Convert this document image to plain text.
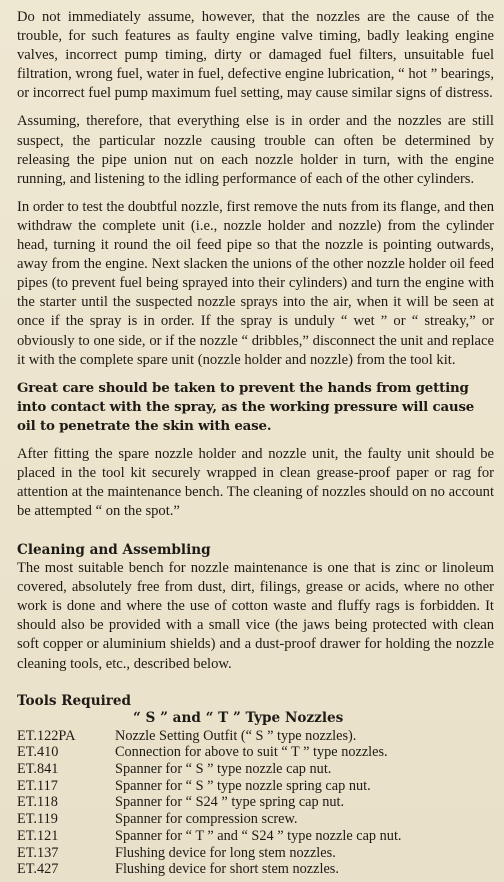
Do not immediately assume, however, that the nozzles are the cause of the trouble, for such features as faulty engine valve timing, badly leaking engine valves, incorrect pump timing, dirty or damaged fuel filters, unsuitable fuel filtration, wrong fuel, water in fuel, defective engine lubrication, “ hot ” bearings, or incorrect fuel pump maximum fuel setting, may cause similar signs of distress.

Assuming, therefore, that everything else is in order and the nozzles are still suspect, the particular nozzle causing trouble can often be determined by releasing the pipe union nut on each nozzle holder in turn, with the engine running, and listening to the idling performance of each of the other cylinders.

In order to test the doubtful nozzle, first remove the nuts from its flange, and then withdraw the complete unit (i.e., nozzle holder and nozzle) from the cylinder head, turning it round the oil feed pipe so that the nozzle is pointing outwards, away from the engine. Next slacken the unions of the other nozzle holder oil feed pipes (to prevent fuel being sprayed into their cylinders) and turn the engine with the starter until the suspected nozzle sprays into the air, when it will be seen at once if the spray is in order. If the spray is unduly “ wet ” or “ streaky,” or obviously to one side, or if the nozzle “ dribbles,” disconnect the unit and replace it with the complete spare unit (nozzle holder and nozzle) from the tool kit.

Great care should be taken to prevent the hands from getting into contact with the spray, as the working pressure will cause oil to penetrate the skin with ease.

After fitting the spare nozzle holder and nozzle unit, the faulty unit should be placed in the tool kit securely wrapped in clean grease-proof paper or rag for attention at the maintenance bench. The cleaning of nozzles should on no account be attempted “ on the spot.”

Cleaning and Assembling

The most suitable bench for nozzle maintenance is one that is zinc or linoleum covered, absolutely free from dust, dirt, filings, grease or acids, where no other work is done and where the use of cotton waste and fluffy rags is forbidden. It should also be provided with a small vice (the jaws being protected with clean soft copper or aluminium shields) and a dust-proof drawer for holding the nozzle cleaning tools, etc., described below.

Tools Required
“ S ” and “ T ” Type Nozzles
ET.122PA	Nozzle Setting Outfit (“ S ” type nozzles).
ET.410	Connection for above to suit “ T ” type nozzles.
ET.841	Spanner for “ S ” type nozzle cap nut.
ET.117	Spanner for “ S ” type nozzle spring cap nut.
ET.118	Spanner for “ S24 ” type spring cap nut.
ET.119	Spanner for compression screw.
ET.121	Spanner for “ T ” and “ S24 ” type nozzle cap nut.
ET.137	Flushing device for long stem nozzles.
ET.427	Flushing device for short stem nozzles.
